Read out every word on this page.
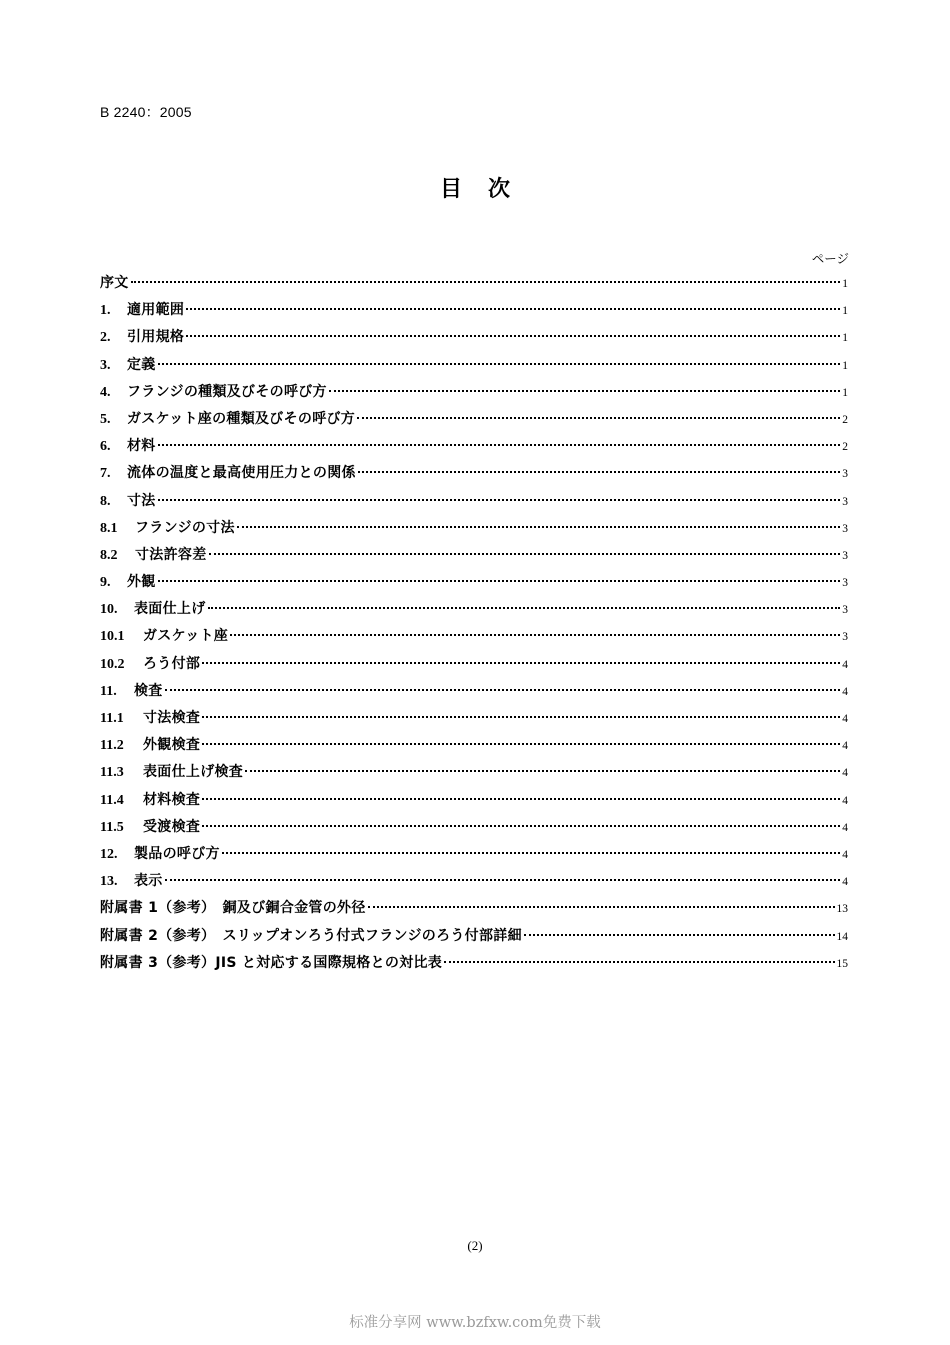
B 2240：2005
目 次
ページ
序文	1
1.	適用範囲	1
2.	引用規格	1
3.	定義	1
4.	フランジの種類及びその呼び方	1
5.	ガスケット座の種類及びその呼び方	2
6.	材料	2
7.	流体の温度と最高使用圧力との関係	3
8.	寸法	3
8.1	フランジの寸法	3
8.2	寸法許容差	3
9.	外観	3
10.	表面仕上げ	3
10.1	ガスケット座	3
10.2	ろう付部	4
11.	検査	4
11.1	寸法検査	4
11.2	外観検査	4
11.3	表面仕上げ検査	4
11.4	材料検査	4
11.5	受渡検査	4
12.	製品の呼び方	4
13.	表示	4
附属書 1（参考）　銅及び銅合金管の外径	13
附属書 2（参考）　スリップオンろう付式フランジのろう付部詳細	14
附属書 3（参考）JIS と対応する国際規格との対比表	15
(2)
标准分享网 www.bzfxw.com免费下载
